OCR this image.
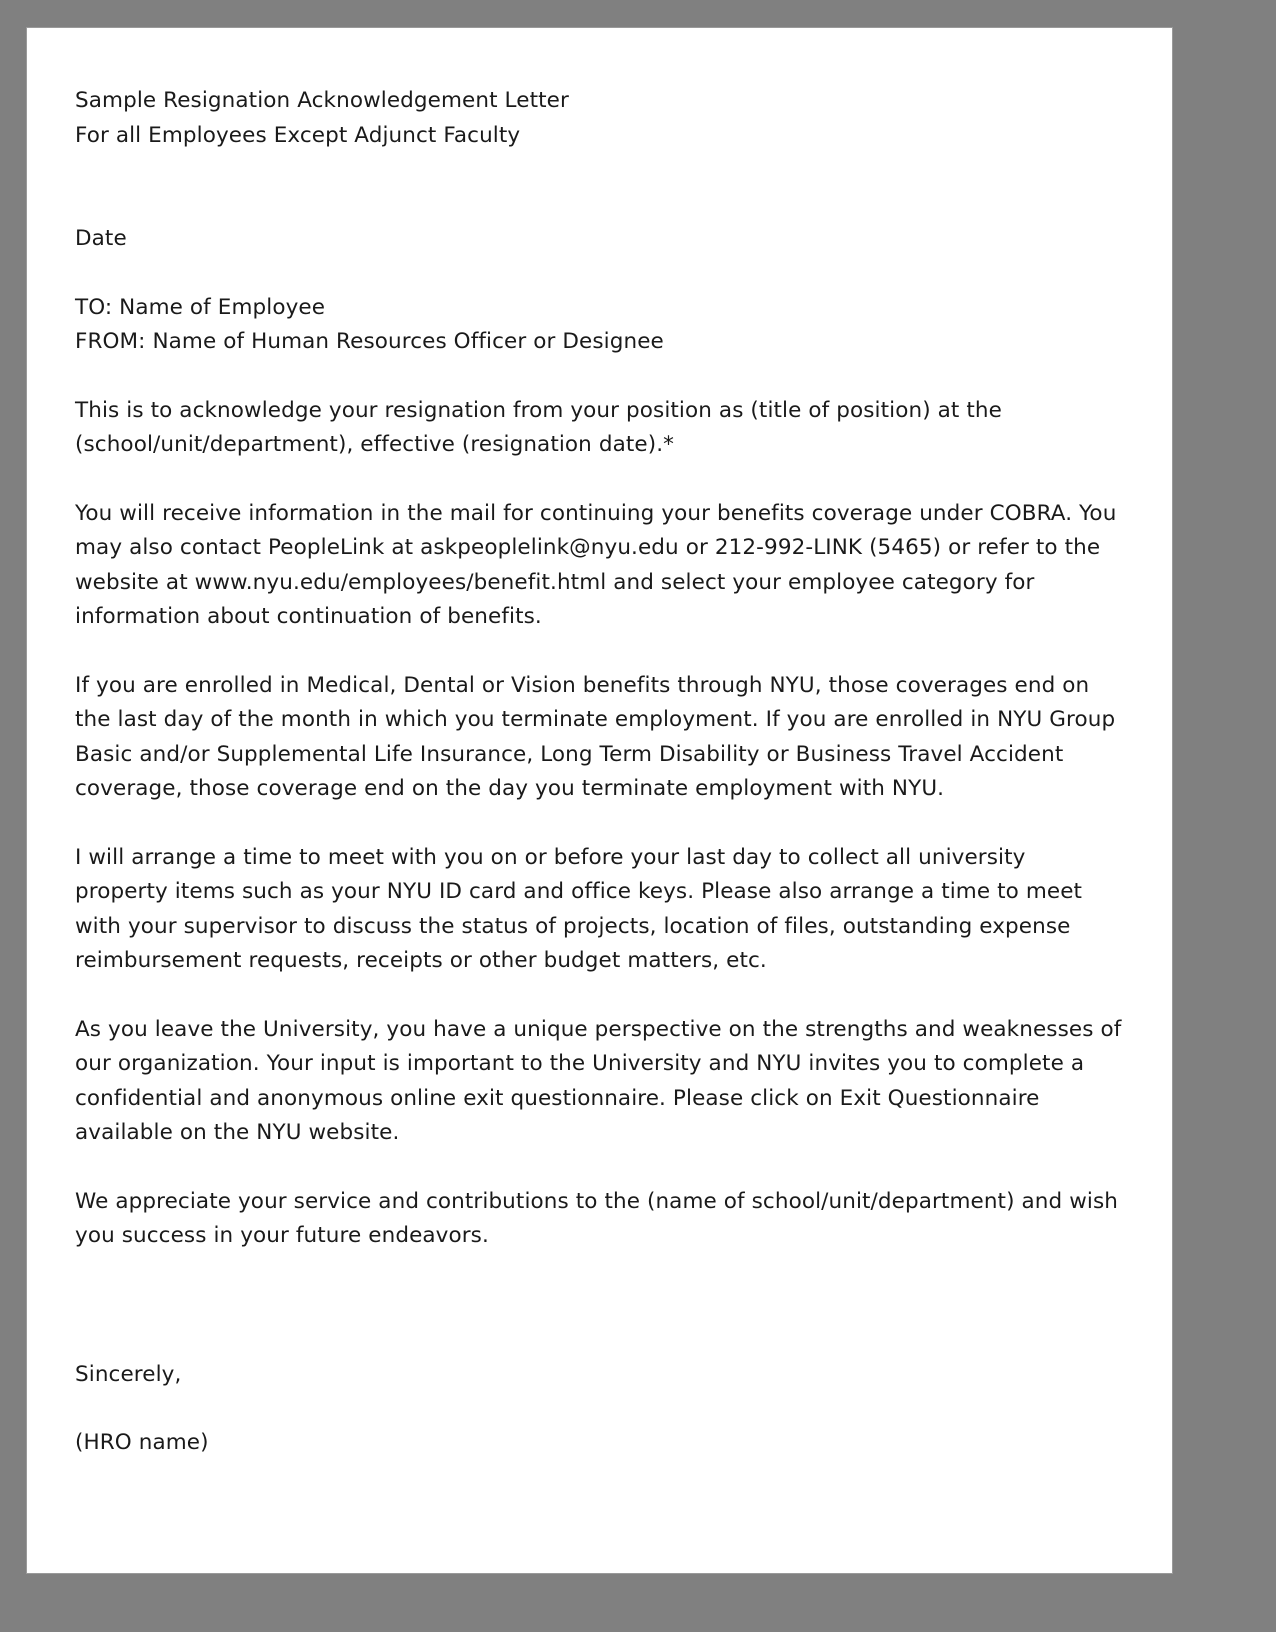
Sample Resignation Acknowledgement Letter
For all Employees Except Adjunct Faculty
Date
TO: Name of Employee
FROM: Name of Human Resources Officer or Designee

This is to acknowledge your resignation from your position as (title of position) at the (school/unit/department), effective (resignation date).*

You will receive information in the mail for continuing your benefits coverage under COBRA. You may also contact PeopleLink at askpeoplelink@nyu.edu or 212-992-LINK (5465) or refer to the website at www.nyu.edu/employees/benefit.html and select your employee category for information about continuation of benefits.

If you are enrolled in Medical, Dental or Vision benefits through NYU, those coverages end on the last day of the month in which you terminate employment. If you are enrolled in NYU Group Basic and/or Supplemental Life Insurance, Long Term Disability or Business Travel Accident coverage, those coverage end on the day you terminate employment with NYU.

I will arrange a time to meet with you on or before your last day to collect all university property items such as your NYU ID card and office keys. Please also arrange a time to meet with your supervisor to discuss the status of projects, location of files, outstanding expense reimbursement requests, receipts or other budget matters, etc.

As you leave the University, you have a unique perspective on the strengths and weaknesses of our organization. Your input is important to the University and NYU invites you to complete a confidential and anonymous online exit questionnaire. Please click on Exit Questionnaire available on the NYU website.

We appreciate your service and contributions to the (name of school/unit/department) and wish you success in your future endeavors.

Sincerely,
(HRO name)
